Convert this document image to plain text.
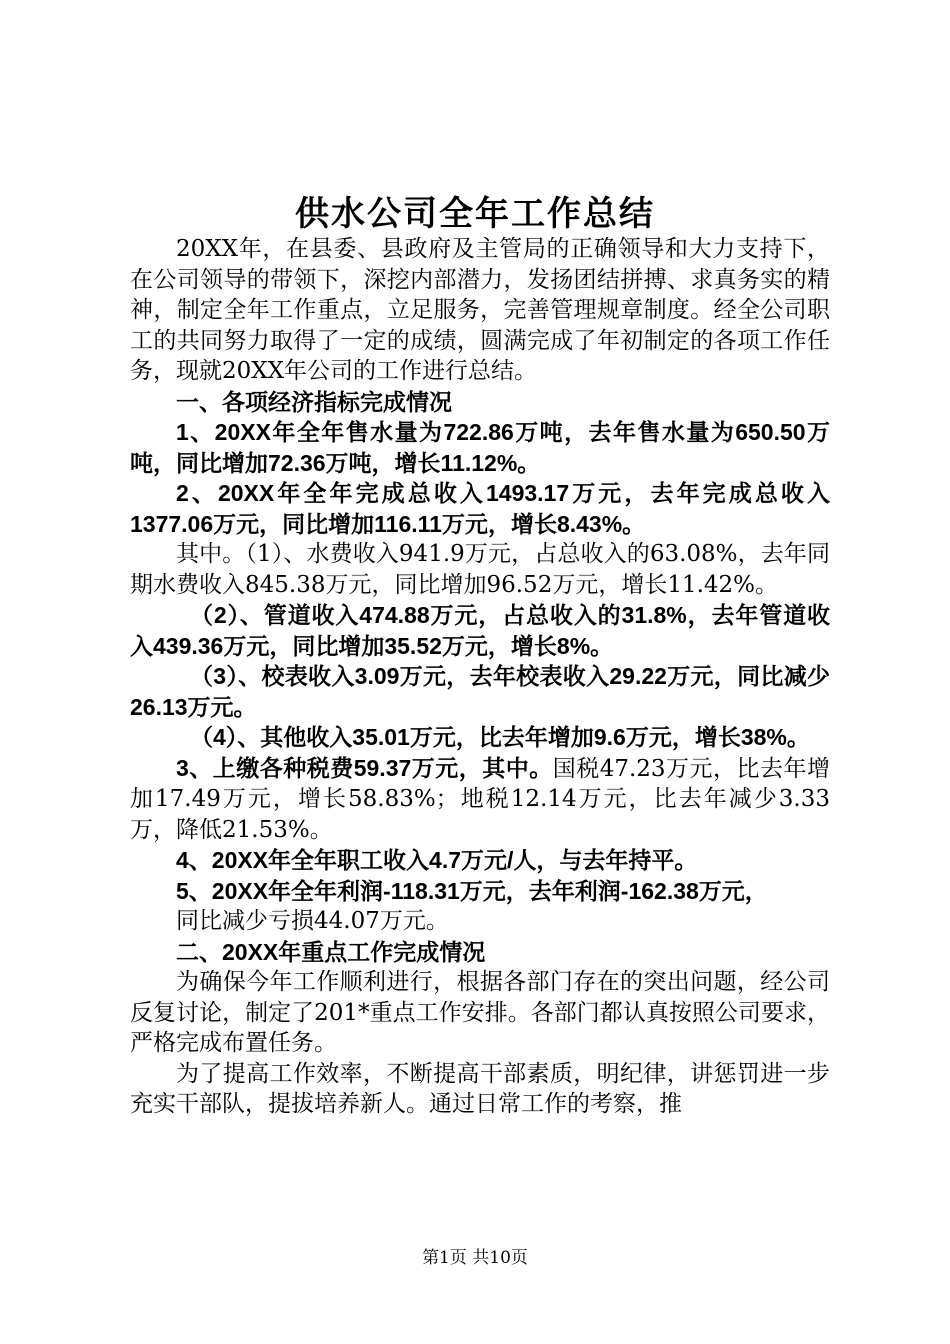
供水公司全年工作总结

20XX年，在县委、县政府及主管局的正确领导和大力支持下，在公司领导的带领下，深挖内部潜力，发扬团结拼搏、求真务实的精神，制定全年工作重点，立足服务，完善管理规章制度。经全公司职工的共同努力取得了一定的成绩，圆满完成了年初制定的各项工作任务，现就20XX年公司的工作进行总结。

一、各项经济指标完成情况

1、20XX年全年售水量为722.86万吨，去年售水量为650.50万吨，同比增加72.36万吨，增长11.12%。

2、20XX年全年完成总收入1493.17万元，去年完成总收入1377.06万元，同比增加116.11万元，增长8.43%。

其中。（1）、水费收入941.9万元，占总收入的63.08%，去年同期水费收入845.38万元，同比增加96.52万元，增长11.42%。

（2）、管道收入474.88万元，占总收入的31.8%，去年管道收入439.36万元，同比增加35.52万元，增长8%。

（3）、校表收入3.09万元，去年校表收入29.22万元，同比减少26.13万元。

（4）、其他收入35.01万元，比去年增加9.6万元，增长38%。

3、上缴各种税费59.37万元，其中。国税47.23万元，比去年增加17.49万元，增长58.83%；地税12.14万元，比去年减少3.33万，降低21.53%。

4、20XX年全年职工收入4.7万元/人，与去年持平。

5、20XX年全年利润-118.31万元，去年利润-162.38万元，

同比减少亏损44.07万元。

二、20XX年重点工作完成情况

为确保今年工作顺利进行，根据各部门存在的突出问题，经公司反复讨论，制定了201*重点工作安排。各部门都认真按照公司要求，严格完成布置任务。

为了提高工作效率，不断提高干部素质，明纪律，讲惩罚进一步充实干部队，提拔培养新人。通过日常工作的考察，推

第1页 共10页
